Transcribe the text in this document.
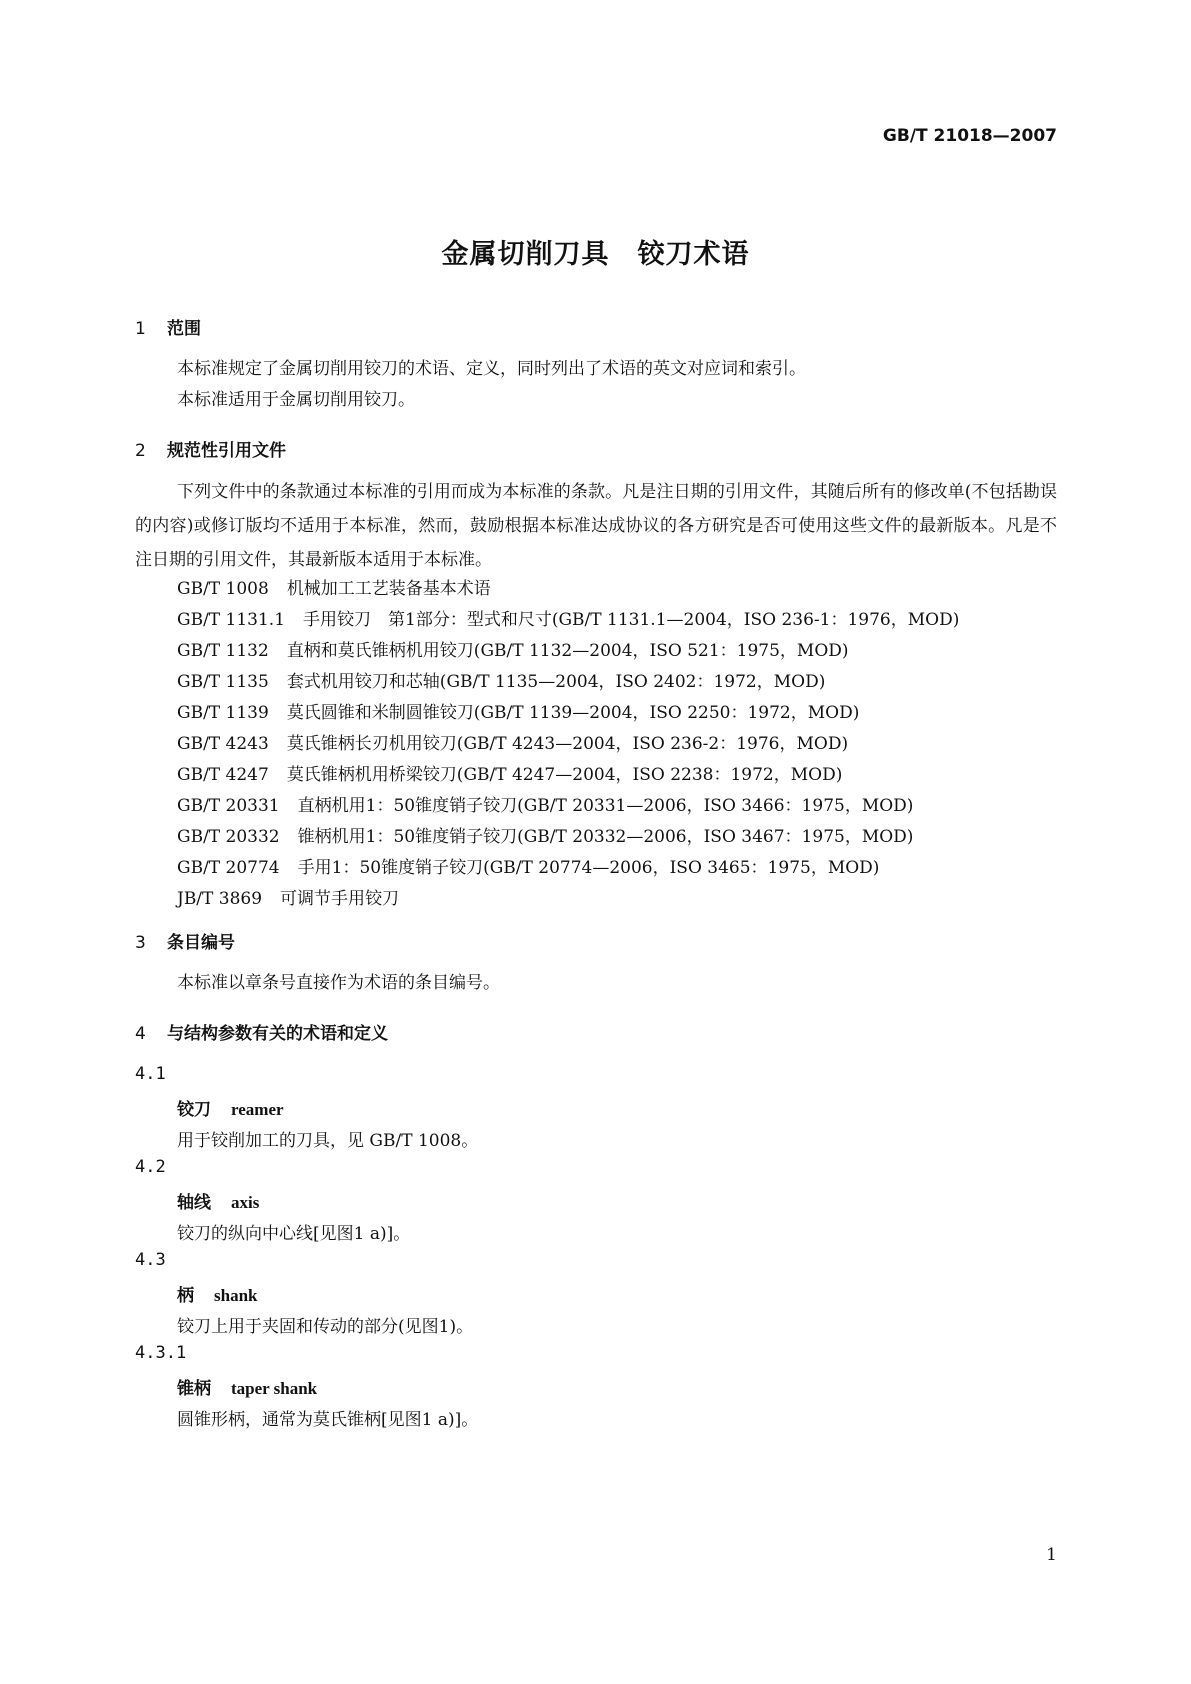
GB/T 21018—2007
金属切削刀具　铰刀术语
1 范围
本标准规定了金属切削用铰刀的术语、定义，同时列出了术语的英文对应词和索引。
本标准适用于金属切削用铰刀。
2 规范性引用文件
下列文件中的条款通过本标准的引用而成为本标准的条款。凡是注日期的引用文件，其随后所有的修改单(不包括勘误的内容)或修订版均不适用于本标准，然而，鼓励根据本标准达成协议的各方研究是否可使用这些文件的最新版本。凡是不注日期的引用文件，其最新版本适用于本标准。
GB/T 1008 机械加工工艺装备基本术语
GB/T 1131.1 手用铰刀　第1部分：型式和尺寸(GB/T 1131.1—2004，ISO 236-1：1976，MOD)
GB/T 1132 直柄和莫氏锥柄机用铰刀(GB/T 1132—2004，ISO 521：1975，MOD)
GB/T 1135 套式机用铰刀和芯轴(GB/T 1135—2004，ISO 2402：1972，MOD)
GB/T 1139 莫氏圆锥和米制圆锥铰刀(GB/T 1139—2004，ISO 2250：1972，MOD)
GB/T 4243 莫氏锥柄长刃机用铰刀(GB/T 4243—2004，ISO 236-2：1976，MOD)
GB/T 4247 莫氏锥柄机用桥梁铰刀(GB/T 4247—2004，ISO 2238：1972，MOD)
GB/T 20331 直柄机用1：50锥度销子铰刀(GB/T 20331—2006，ISO 3466：1975，MOD)
GB/T 20332 锥柄机用1：50锥度销子铰刀(GB/T 20332—2006，ISO 3467：1975，MOD)
GB/T 20774 手用1：50锥度销子铰刀(GB/T 20774—2006，ISO 3465：1975，MOD)
JB/T 3869 可调节手用铰刀
3 条目编号
本标准以章条号直接作为术语的条目编号。
4 与结构参数有关的术语和定义
4.1
铰刀 reamer
用于铰削加工的刀具，见 GB/T 1008。
4.2
轴线 axis
铰刀的纵向中心线[见图1 a)]。
4.3
柄 shank
铰刀上用于夹固和传动的部分(见图1)。
4.3.1
锥柄 taper shank
圆锥形柄，通常为莫氏锥柄[见图1 a)]。
1
